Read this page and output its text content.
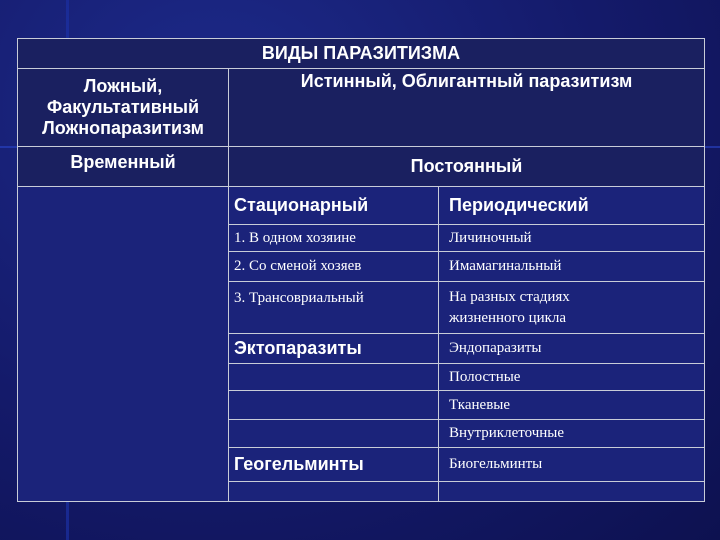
ВИДЫ ПАРАЗИТИЗМА		

Ложный,
Факультативный
Ложнопаразитизм	Истинный, Облигантный паразитизм	
Временный	Постоянный	
	Стационарный	Периодический
	1. В одном хозяине	Личиночный
	2. Со сменой хозяев	Имамагинальный
	3. Трансовриальный	На разных стадиях
жизненного цикла

	Эктопаразиты	Эндопаразиты
		Полостные
		Тканевые
		Внутриклеточные
	Геогельминты	Биогельминты
